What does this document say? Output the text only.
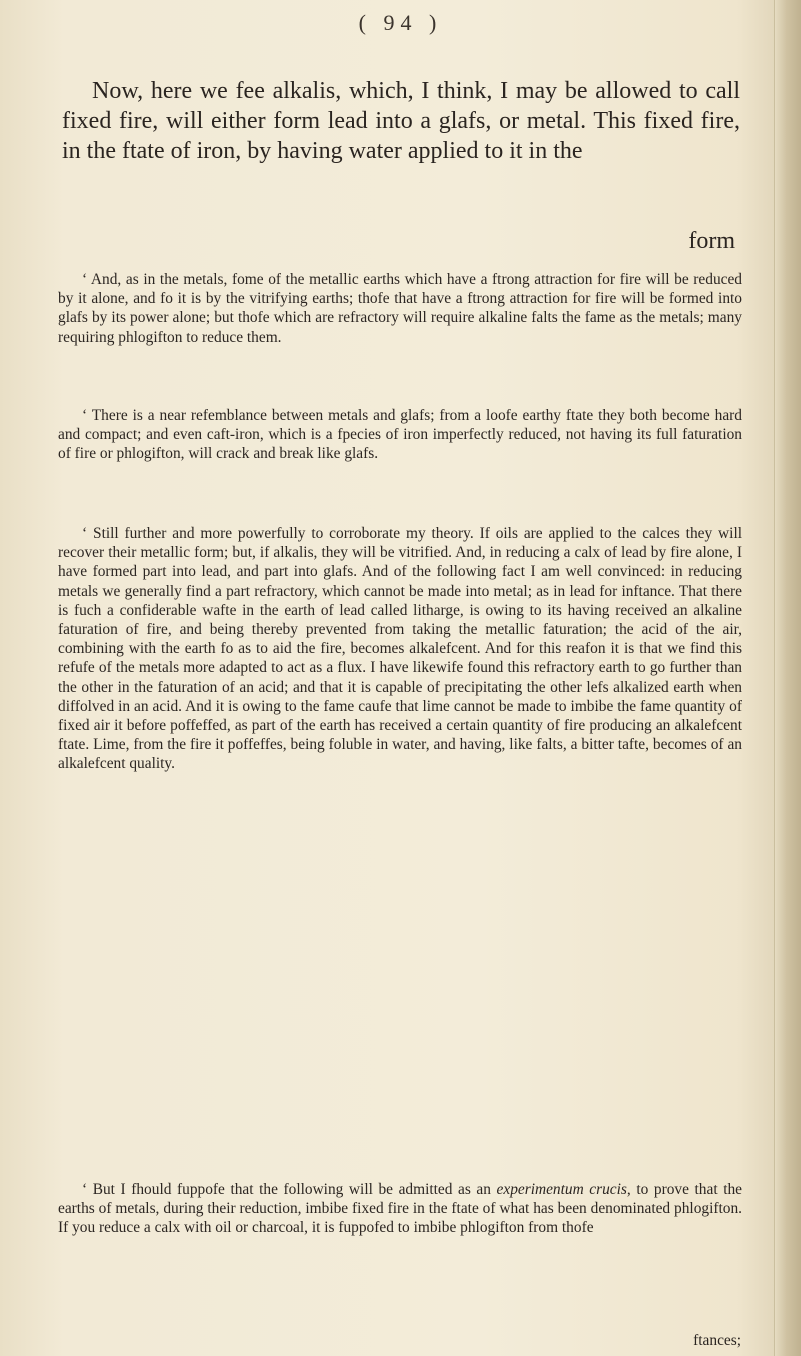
( 94 )

Now, here we fee alkalis, which, I think, I may be allowed to call fixed fire, will either form lead into a glafs, or metal. This fixed fire, in the ftate of iron, by having water applied to it in the

form

‘ And, as in the metals, fome of the metallic earths which have a ftrong attraction for fire will be reduced by it alone, and fo it is by the vitrifying earths; thofe that have a ftrong attraction for fire will be formed into glafs by its power alone; but thofe which are refractory will require alkaline falts the fame as the metals; many requiring phlogifton to reduce them.

‘ There is a near refemblance between metals and glafs; from a loofe earthy ftate they both become hard and compact; and even caft-iron, which is a fpecies of iron imperfectly reduced, not having its full faturation of fire or phlogifton, will crack and break like glafs.

‘ Still further and more powerfully to corroborate my theory. If oils are applied to the calces they will recover their metallic form; but, if alkalis, they will be vitrified. And, in reducing a calx of lead by fire alone, I have formed part into lead, and part into glafs. And of the following fact I am well convinced: in reducing metals we generally find a part refractory, which cannot be made into metal; as in lead for inftance. That there is fuch a confiderable wafte in the earth of lead called litharge, is owing to its having received an alkaline faturation of fire, and being thereby prevented from taking the metallic faturation; the acid of the air, combining with the earth fo as to aid the fire, becomes alkalefcent. And for this reafon it is that we find this refufe of the metals more adapted to act as a flux. I have likewife found this refractory earth to go further than the other in the faturation of an acid; and that it is capable of precipitating the other lefs alkalized earth when diffolved in an acid. And it is owing to the fame caufe that lime cannot be made to imbibe the fame quantity of fixed air it before poffeffed, as part of the earth has received a certain quantity of fire producing an alkalefcent ftate. Lime, from the fire it poffeffes, being foluble in water, and having, like falts, a bitter tafte, becomes of an alkalefcent quality.

‘ But I fhould fuppofe that the following will be admitted as an experimentum crucis, to prove that the earths of metals, during their reduction, imbibe fixed fire in the ftate of what has been denominated phlogifton. If you reduce a calx with oil or charcoal, it is fuppofed to imbibe phlogifton from thofe

ftances;
